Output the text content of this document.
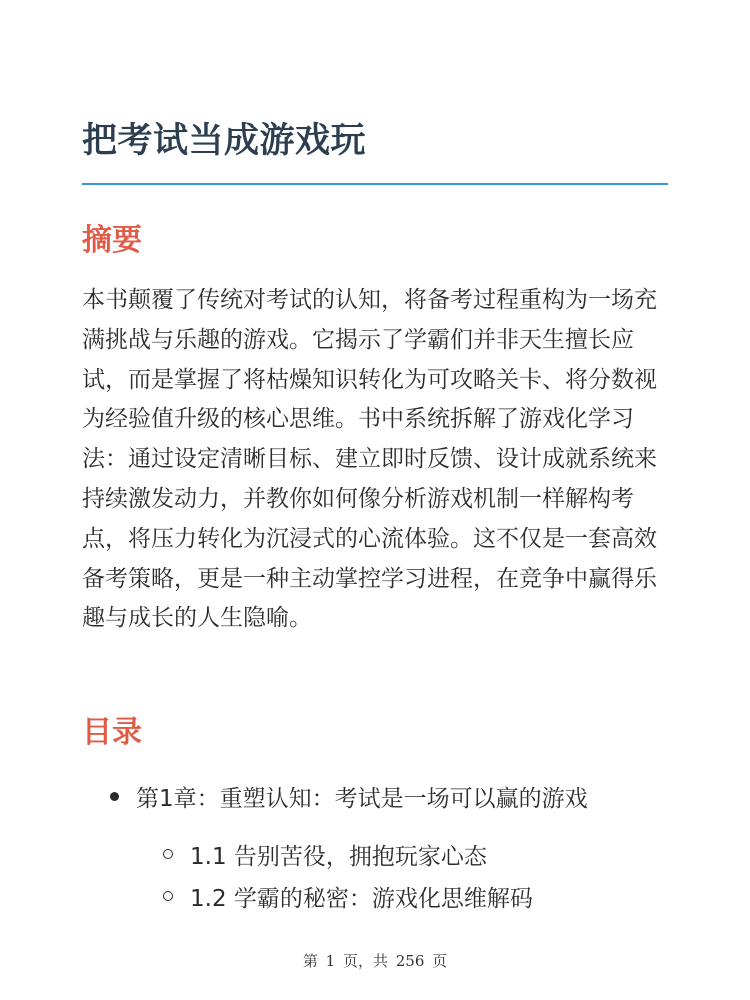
把考试当成游戏玩
摘要

本书颠覆了传统对考试的认知，将备考过程重构为一场充满挑战与乐趣的游戏。它揭示了学霸们并非天生擅长应试，而是掌握了将枯燥知识转化为可攻略关卡、将分数视为经验值升级的核心思维。书中系统拆解了游戏化学习法：通过设定清晰目标、建立即时反馈、设计成就系统来持续激发动力，并教你如何像分析游戏机制一样解构考点，将压力转化为沉浸式的心流体验。这不仅是一套高效备考策略，更是一种主动掌控学习进程，在竞争中赢得乐趣与成长的人生隐喻。

目录
第1章：重塑认知：考试是一场可以赢的游戏
1.1 告别苦役，拥抱玩家心态
1.2 学霸的秘密：游戏化思维解码
第 1 页，共 256 页
